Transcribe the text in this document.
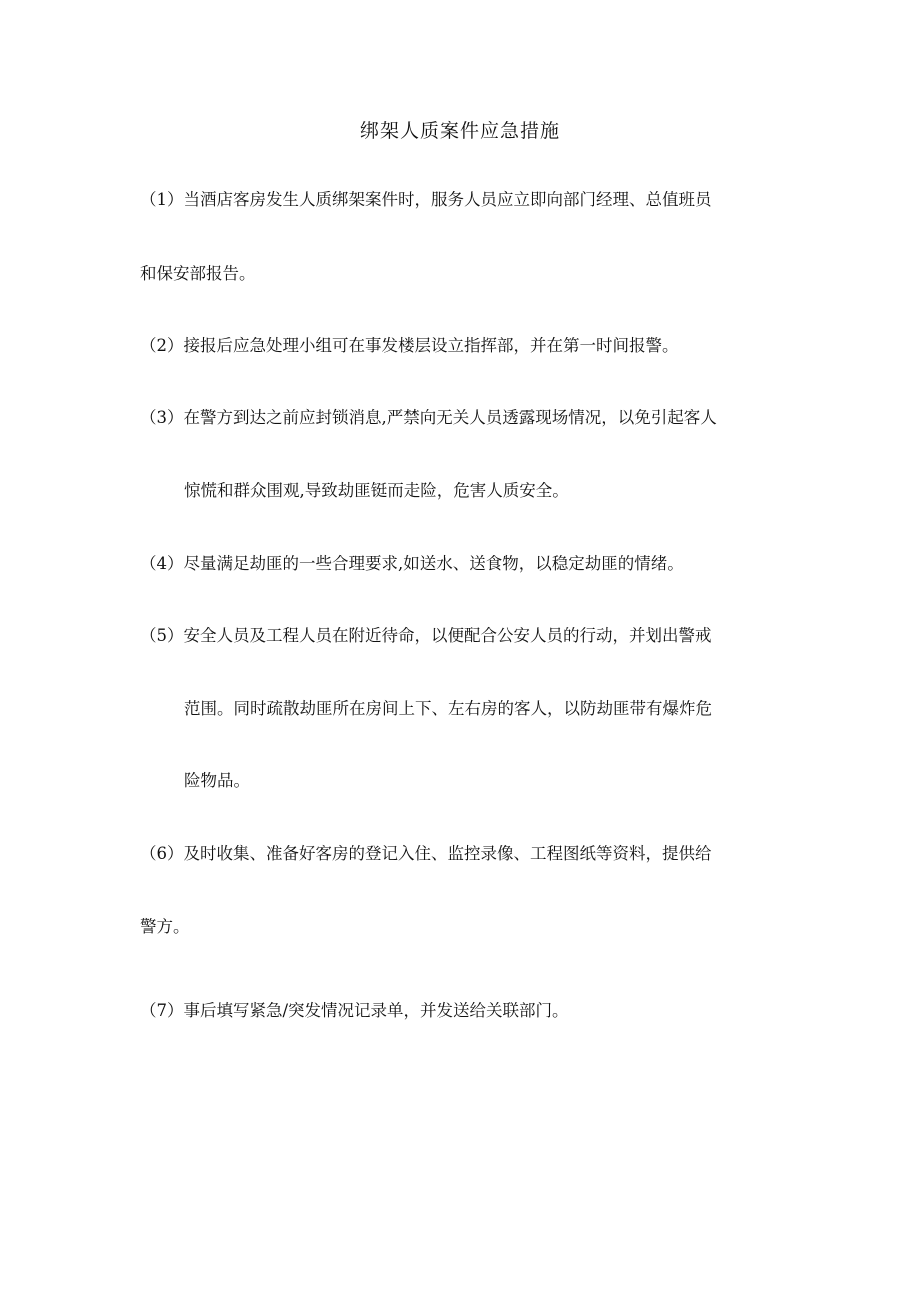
绑架人质案件应急措施
（1）当酒店客房发生人质绑架案件时，服务人员应立即向部门经理、总值班员
和保安部报告。
（2）接报后应急处理小组可在事发楼层设立指挥部，并在第一时间报警。
（3）在警方到达之前应封锁消息,严禁向无关人员透露现场情况，以免引起客人
惊慌和群众围观,导致劫匪铤而走险，危害人质安全。
（4）尽量满足劫匪的一些合理要求,如送水、送食物，以稳定劫匪的情绪。
（5）安全人员及工程人员在附近待命，以便配合公安人员的行动，并划出警戒
范围。同时疏散劫匪所在房间上下、左右房的客人，以防劫匪带有爆炸危
险物品。
（6）及时收集、准备好客房的登记入住、监控录像、工程图纸等资料，提供给
警方。
（7）事后填写紧急/突发情况记录单，并发送给关联部门。
